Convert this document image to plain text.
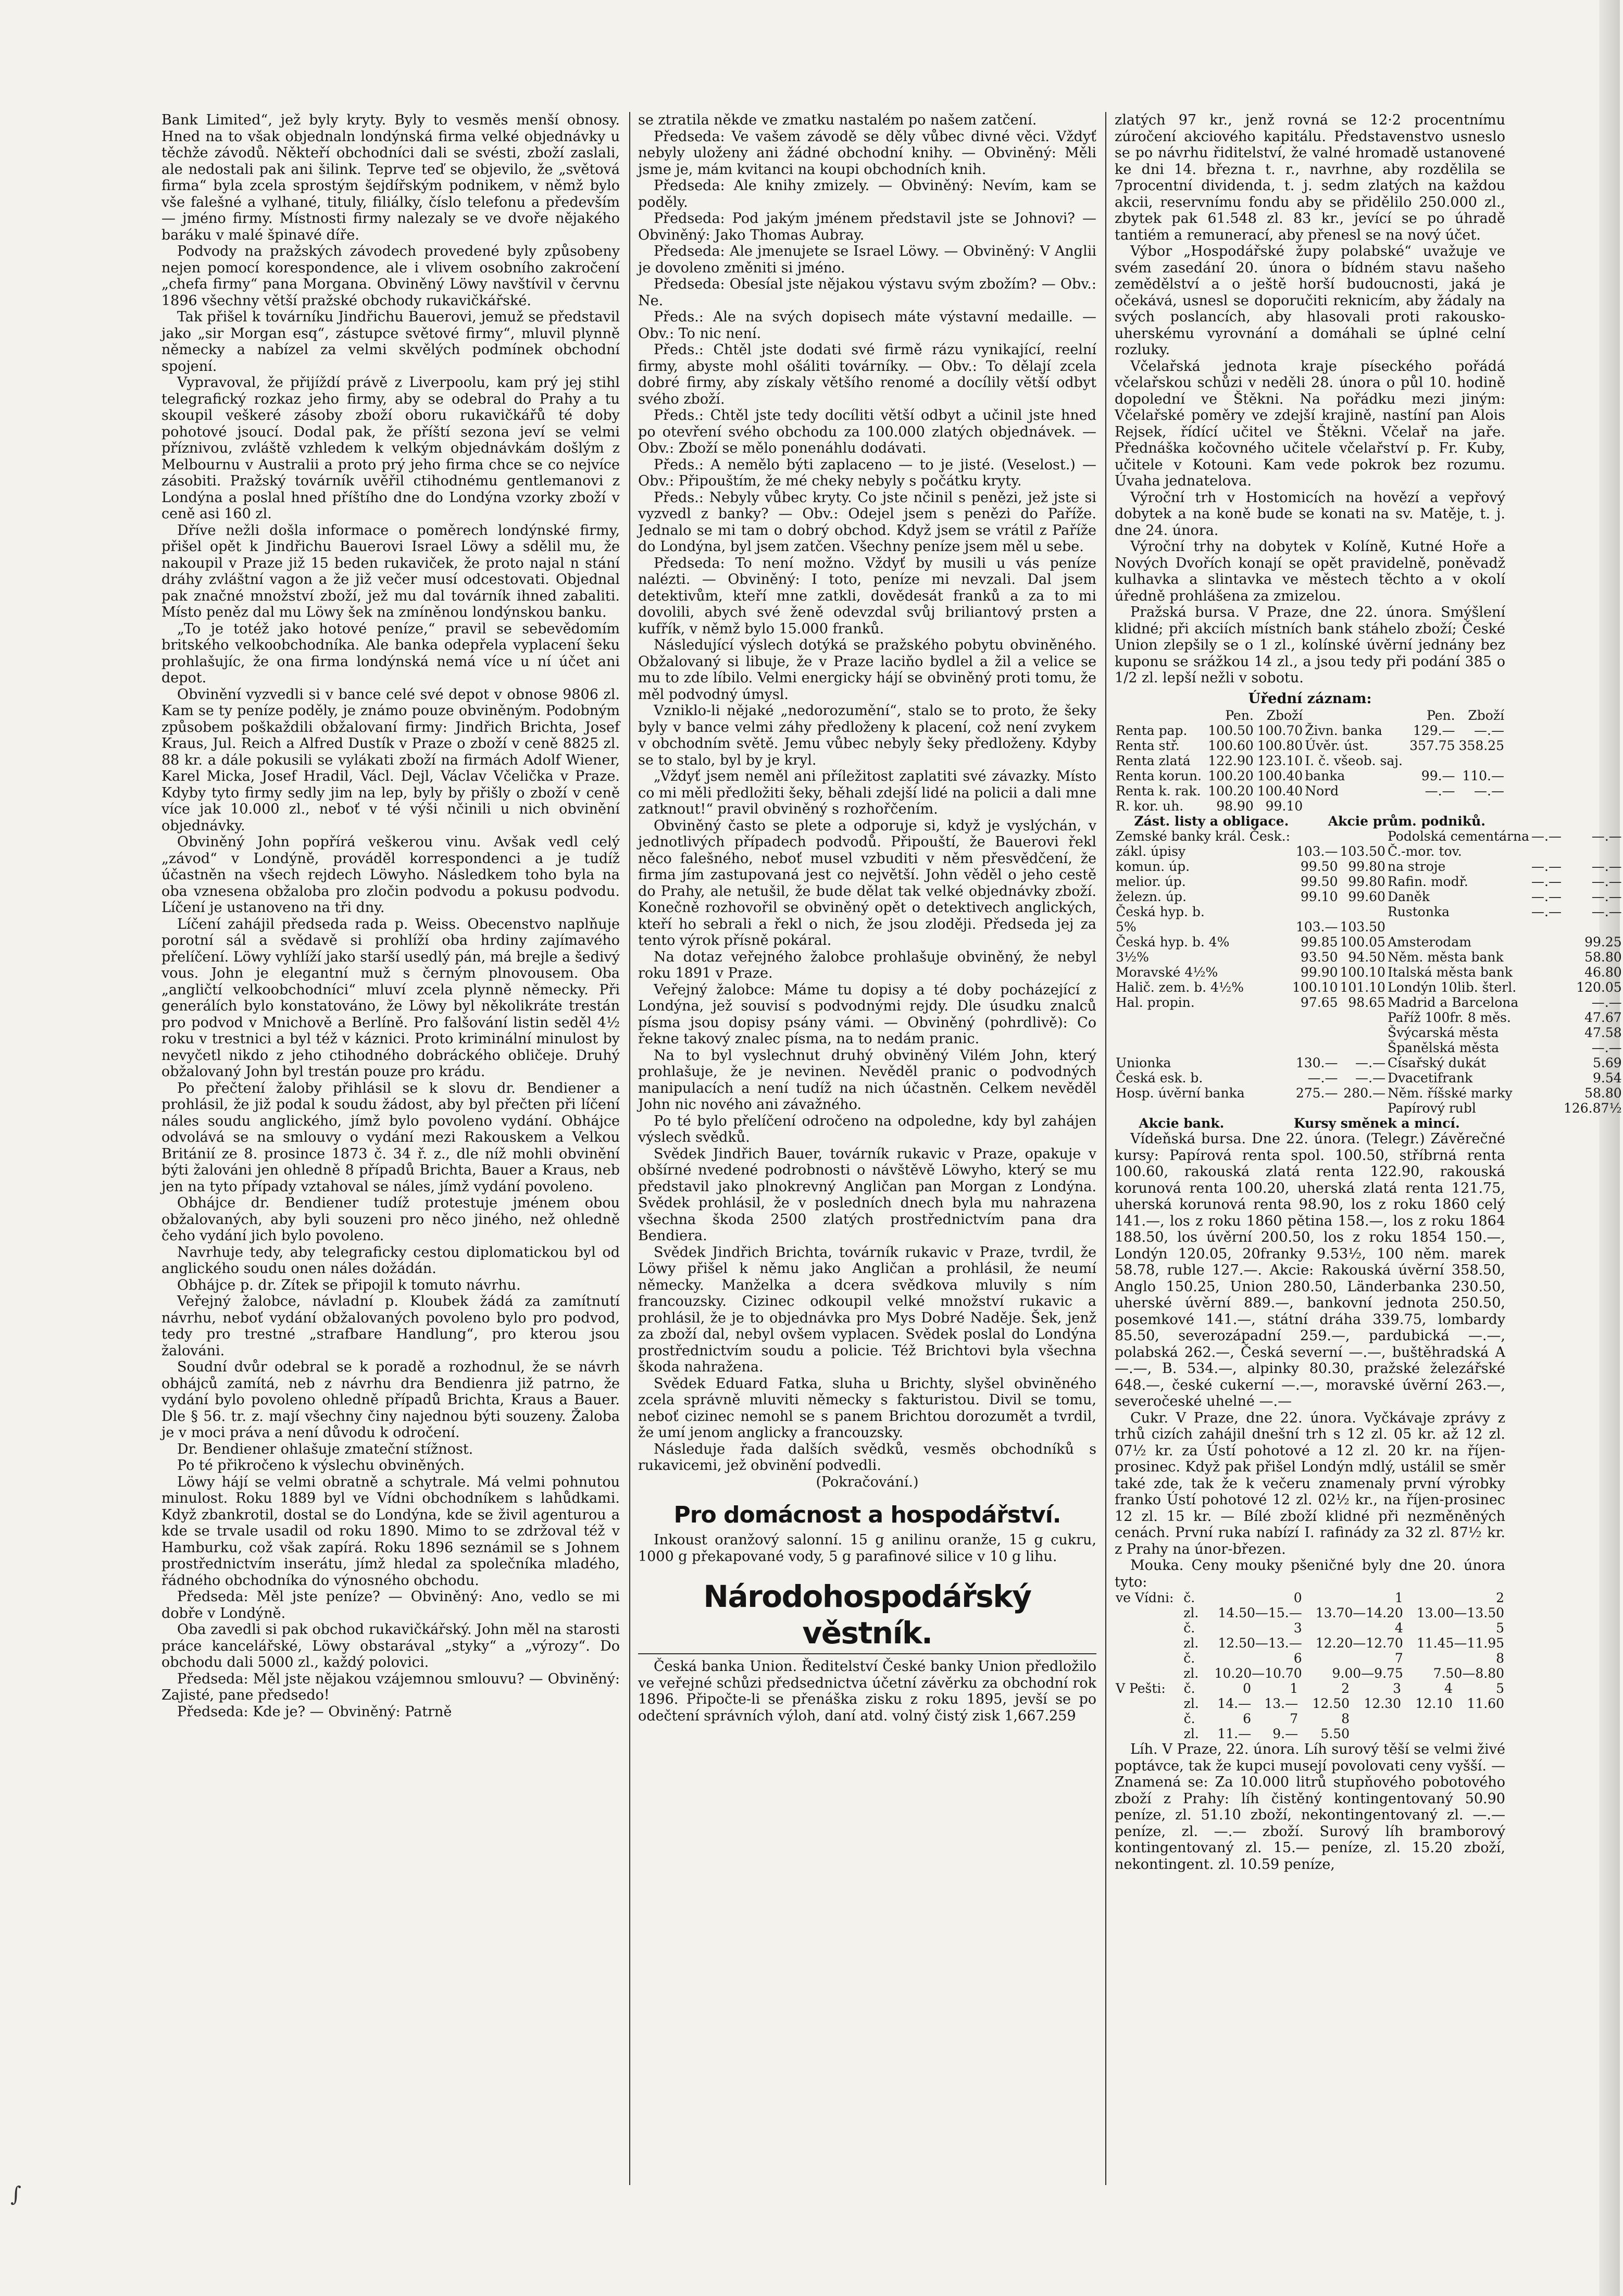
Bank Limited“, jež byly kryty. Byly to vesměs menší obnosy. Hned na to však objednaln londýnská firma velké objednávky u těchže závodů. Někteří obchodníci dali se svésti, zboží zaslali, ale nedostali pak ani šilink. Teprve teď se objevilo, že „světová firma“ byla zcela sprostým šejdířským podnikem, v němž bylo vše falešné a vylhané, tituly, filiálky, číslo telefonu a především — jméno firmy. Místnosti firmy nalezaly se ve dvoře nějakého baráku v malé špinavé díře.

Podvody na pražských závodech provedené byly způsobeny nejen pomocí korespondence, ale i vlivem osobního zakročení „chefa firmy“ pana Morgana. Obviněný Löwy navštívil v červnu 1896 všechny větší pražské obchody rukavičkářské.

Tak přišel k továrníku Jindřichu Bauerovi, jemuž se představil jako „sir Morgan esq“, zástupce světové firmy“, mluvil plynně německy a nabízel za velmi skvělých podmínek obchodní spojení.

Vypravoval, že přijíždí právě z Liverpoolu, kam prý jej stihl telegrafický rozkaz jeho firmy, aby se odebral do Prahy a tu skoupil veškeré zásoby zboží oboru rukavičkářů té doby pohotové jsoucí. Dodal pak, že příští sezona jeví se velmi příznivou, zvláště vzhledem k velkým objednávkám došlým z Melbournu v Australii a proto prý jeho firma chce se co nejvíce zásobiti. Pražský továrník uvěřil ctihodnému gentlemanovi z Londýna a poslal hned příštího dne do Londýna vzorky zboží v ceně asi 160 zl.

Dříve nežli došla informace o poměrech londýnské firmy, přišel opět k Jindřichu Bauerovi Israel Löwy a sdělil mu, že nakoupil v Praze již 15 beden rukaviček, že proto najal n stání dráhy zvláštní vagon a že již večer musí odcestovati. Objednal pak značné množství zboží, jež mu dal továrník ihned zabaliti. Místo peněz dal mu Löwy šek na zmíněnou londýnskou banku.

„To je totéž jako hotové peníze,“ pravil se sebevědomím britského velkoobchodníka. Ale banka odepřela vyplacení šeku prohlašujíc, že ona firma londýnská nemá více u ní účet ani depot.

Obvinění vyzvedli si v bance celé své depot v obnose 9806 zl. Kam se ty peníze poděly, je známo pouze obviněným. Podobným způsobem poškaždili obžalovaní firmy: Jindřich Brichta, Josef Kraus, Jul. Reich a Alfred Dustík v Praze o zboží v ceně 8825 zl. 88 kr. a dále pokusili se vylákati zboží na firmách Adolf Wiener, Karel Micka, Josef Hradil, Václ. Dejl, Václav Včelička v Praze. Kdyby tyto firmy sedly jim na lep, byly by přišly o zboží v ceně více jak 10.000 zl., neboť v té výši nčinili u nich obvinění objednávky.

Obviněný John popřírá veškerou vinu. Avšak vedl celý „závod“ v Londýně, prováděl korrespondenci a je tudíž účastněn na všech rejdech Löwyho. Následkem toho byla na oba vznesena obžaloba pro zločin podvodu a pokusu podvodu. Líčení je ustanoveno na tři dny.

Líčení zahájil předseda rada p. Weiss. Obecenstvo naplňuje porotní sál a svědavě si prohlíží oba hrdiny zajímavého přelíčení. Löwy vyhlíží jako starší usedlý pán, má brejle a šedivý vous. John je elegantní muž s černým plnovousem. Oba „angličtí velkoobchodníci“ mluví zcela plynně německy. Při generálích bylo konstatováno, že Löwy byl několikráte trestán pro podvod v Mnichově a Berlíně. Pro falšování listin seděl 4½ roku v trestnici a byl též v káznici. Proto kriminální minulost by nevyčetl nikdo z jeho ctihodného dobráckého obličeje. Druhý obžalovaný John byl trestán pouze pro krádu.

Po přečtení žaloby přihlásil se k slovu dr. Bendiener a prohlásil, že již podal k soudu žádost, aby byl přečten při líčení náles soudu anglického, jímž bylo povoleno vydání. Obhájce odvolává se na smlouvy o vydání mezi Rakouskem a Velkou Británií ze 8. prosince 1873 č. 34 ř. z., dle níž mohli obvinění býti žalováni jen ohledně 8 případů Brichta, Bauer a Kraus, neb jen na tyto případy vztahoval se náles, jímž vydání povoleno.

Obhájce dr. Bendiener tudíž protestuje jménem obou obžalovaných, aby byli souzeni pro něco jiného, než ohledně čeho vydání jich bylo povoleno.

Navrhuje tedy, aby telegraficky cestou diplomatickou byl od anglického soudu onen náles dožádán.

Obhájce p. dr. Zítek se připojil k tomuto návrhu.

Veřejný žalobce, návladní p. Kloubek žádá za zamítnutí návrhu, neboť vydání obžalovaných povoleno bylo pro podvod, tedy pro trestné „strafbare Handlung“, pro kterou jsou žalováni.

Soudní dvůr odebral se k poradě a rozhodnul, že se návrh obhájců zamítá, neb z návrhu dra Bendienra již patrno, že vydání bylo povoleno ohledně případů Brichta, Kraus a Bauer. Dle § 56. tr. z. mají všechny činy najednou býti souzeny. Žaloba je v moci práva a není důvodu k odročení.

Dr. Bendiener ohlašuje zmateční stížnost.

Po té přikročeno k výslechu obviněných.

Löwy hájí se velmi obratně a schytrale. Má velmi pohnutou minulost. Roku 1889 byl ve Vídni obchodníkem s lahůdkami. Když zbankrotil, dostal se do Londýna, kde se živil agenturou a kde se trvale usadil od roku 1890. Mimo to se zdržoval též v Hamburku, což však zapírá. Roku 1896 seznámil se s Johnem prostřednictvím inserátu, jímž hledal za společníka mladého, řádného obchodníka do výnosného obchodu.

Předseda: Měl jste peníze? — Obviněný: Ano, vedlo se mi dobře v Londýně.

Oba zavedli si pak obchod rukavičkářský. John měl na starosti práce kancelářské, Löwy obstarával „styky“ a „výrozy“. Do obchodu dali 5000 zl., každý polovici.

Předseda: Měl jste nějakou vzájemnou smlouvu? — Obviněný: Zajisté, pane předsedo!

Předseda: Kde je? — Obviněný: Patrně

se ztratila někde ve zmatku nastalém po našem zatčení.

Předseda: Ve vašem závodě se děly vůbec divné věci. Vždyť nebyly uloženy ani žádné obchodní knihy. — Obviněný: Měli jsme je, mám kvitanci na koupi obchodních knih.

Předseda: Ale knihy zmizely. — Obviněný: Nevím, kam se poděly.

Předseda: Pod jakým jménem představil jste se Johnovi? — Obviněný: Jako Thomas Aubray.

Předseda: Ale jmenujete se Israel Löwy. — Obviněný: V Anglii je dovoleno změniti si jméno.

Předseda: Obesíal jste nějakou výstavu svým zbožím? — Obv.: Ne.

Předs.: Ale na svých dopisech máte výstavní medaille. — Obv.: To nic není.

Předs.: Chtěl jste dodati své firmě rázu vynikající, reelní firmy, abyste mohl ošáliti továrníky. — Obv.: To dělají zcela dobré firmy, aby získaly většího renomé a docílily větší odbyt svého zboží.

Předs.: Chtěl jste tedy docíliti větší odbyt a učinil jste hned po otevření svého obchodu za 100.000 zlatých objednávek. — Obv.: Zboží se mělo ponenáhlu dodávati.

Předs.: A nemělo býti zaplaceno — to je jisté. (Veselost.) — Obv.: Připouštím, že mé cheky nebyly s počátku kryty.

Předs.: Nebyly vůbec kryty. Co jste nčinil s penězi, jež jste si vyzvedl z banky? — Obv.: Odejel jsem s penězi do Paříže. Jednalo se mi tam o dobrý obchod. Když jsem se vrátil z Paříže do Londýna, byl jsem zatčen. Všechny peníze jsem měl u sebe.

Předseda: To není možno. Vždyť by musili u vás peníze nalézti. — Obviněný: I toto, peníze mi nevzali. Dal jsem detektivům, kteří mne zatkli, dovědesát franků a za to mi dovolili, abych své ženě odevzdal svůj briliantový prsten a kufřík, v němž bylo 15.000 franků.

Následující výslech dotýká se pražského pobytu obviněného. Obžalovaný si libuje, že v Praze laciňo bydlel a žil a velice se mu to zde líbilo. Velmi energicky hájí se obviněný proti tomu, že měl podvodný úmysl.

Vzniklo-li nějaké „nedorozumění“, stalo se to proto, že šeky byly v bance velmi záhy předloženy k placení, což není zvykem v obchodním světě. Jemu vůbec nebyly šeky předloženy. Kdyby se to stalo, byl by je kryl.

„Vždyť jsem neměl ani příležitost zaplatiti své závazky. Místo co mi měli předložiti šeky, běhali zdejší lidé na policii a dali mne zatknout!“ pravil obviněný s rozhořčením.

Obviněný často se plete a odporuje si, když je vyslýchán, v jednotlivých případech podvodů. Připouští, že Bauerovi řekl něco falešného, neboť musel vzbuditi v něm přesvědčení, že firma jím zastupovaná jest co největší. John věděl o jeho cestě do Prahy, ale netušil, že bude dělat tak velké objednávky zboží. Konečně rozhovořil se obviněný opět o detektivech anglických, kteří ho sebrali a řekl o nich, že jsou zloději. Předseda jej za tento výrok přísně pokáral.

Na dotaz veřejného žalobce prohlašuje obviněný, že nebyl roku 1891 v Praze.

Veřejný žalobce: Máme tu dopisy a té doby pocházející z Londýna, jež souvisí s podvodnými rejdy. Dle úsudku znalců písma jsou dopisy psány vámi. — Obviněný (pohrdlivě): Co řekne takový znalec písma, na to nedám pranic.

Na to byl vyslechnut druhý obviněný Vilém John, který prohlašuje, že je nevinen. Nevěděl pranic o podvodných manipulacích a není tudíž na nich účastněn. Celkem nevěděl John nic nového ani závažného.

Po té bylo přelíčení odročeno na odpoledne, kdy byl zahájen výslech svědků.

Svědek Jindřich Bauer, továrník rukavic v Praze, opakuje v obšírné nvedené podrobnosti o návštěvě Löwyho, který se mu představil jako plnokrevný Angličan pan Morgan z Londýna. Svědek prohlásil, že v posledních dnech byla mu nahrazena všechna škoda 2500 zlatých prostřednictvím pana dra Bendiera.

Svědek Jindřich Brichta, továrník rukavic v Praze, tvrdil, že Löwy přišel k němu jako Angličan a prohlásil, že neumí německy. Manželka a dcera svědkova mluvily s ním francouzsky. Cizinec odkoupil velké množství rukavic a prohlásil, že je to objednávka pro Mys Dobré Naděje. Šek, jenž za zboží dal, nebyl ovšem vyplacen. Svědek poslal do Londýna prostřednictvím soudu a policie. Též Brichtovi byla všechna škoda nahražena.

Svědek Eduard Fatka, sluha u Brichty, slyšel obviněného zcela správně mluviti německy s fakturistou. Divil se tomu, neboť cizinec nemohl se s panem Brichtou dorozumět a tvrdil, že umí jenom anglicky a francouzsky.

Následuje řada dalších svědků, vesměs obchodníků s rukavicemi, jež obvinění podvedli.

(Pokračování.)

Pro domácnost a hospodářství.

Inkoust oranžový salonní. 15 g anilinu oranže, 15 g cukru, 1000 g překapované vody, 5 g parafinové silice v 10 g lihu.

Národohospodářský věstník.

Česká banka Union. Ředitelství České banky Union předložilo ve veřejné schůzi předsednictva účetní závěrku za obchodní rok 1896. Připočte-li se přenáška zisku z roku 1895, jevší se po odečtení správních výloh, daní atd. volný čistý zisk 1,667.259

zlatých 97 kr., jenž rovná se 12·2 procentnímu zúročení akciového kapitálu. Představenstvo usneslo se po návrhu řiditelství, že valné hromadě ustanovené ke dni 14. března t. r., navrhne, aby rozdělila se 7procentní dividenda, t. j. sedm zlatých na každou akcii, reservnímu fondu aby se přidělilo 250.000 zl., zbytek pak 61.548 zl. 83 kr., jevící se po úhradě tantiém a remunerací, aby přenesl se na nový účet.

Výbor „Hospodářské župy polabské“ uvažuje ve svém zasedání 20. února o bídném stavu našeho zemědělství a o ještě horší budoucnosti, jaká je očekává, usnesl se doporučiti reknicím, aby žádaly na svých poslancích, aby hlasovali proti rakousko-uherskému vyrovnání a domáhali se úplné celní rozluky.

Včelařská jednota kraje píseckého pořádá včelařskou schůzi v neděli 28. února o půl 10. hodině dopolední ve Štěkni. Na pořádku mezi jiným: Včelařské poměry ve zdejší krajině, nastíní pan Alois Rejsek, řídící učitel ve Štěkni. Včelař na jaře. Přednáška kočovného učitele včelařství p. Fr. Kuby, učitele v Kotouni. Kam vede pokrok bez rozumu. Úvaha jednatelova.

Výroční trh v Hostomicích na hovězí a vepřový dobytek a na koně bude se konati na sv. Matěje, t. j. dne 24. února.

Výroční trhy na dobytek v Kolíně, Kutné Hoře a Nových Dvořích konají se opět pravidelně, poněvadž kulhavka a slintavka ve městech těchto a v okolí úředně prohlášena za zmizelou.

Pražská bursa. V Praze, dne 22. února. Smýšlení klidné; při akciích místních bank stáhelo zboží; České Union zlepšily se o 1 zl., kolínské úvěrní jednány bez kuponu se srážkou 14 zl., a jsou tedy při podání 385 o 1/2 zl. lepší nežli v sobotu.

Úřední záznam:
	Pen.	Zboží		Pen.	Zboží
Renta pap.	100.50	100.70	Živn. banka	129.—	—.—
Renta stř.	100.60	100.80	Úvěr. úst.	357.75	358.25
Renta zlatá	122.90	123.10	I. č. všeob. saj.		
Renta korun.	100.20	100.40	banka	99.—	110.—
Renta k. rak.	100.20	100.40	Nord	—.—	—.—
R. kor. uh.	98.90	99.10			
Zást. listy a obligace.	Akcie prům. podniků.
Zemské banky král. Česk.:			Podolská cementárna	—.—	—.—
zákl. úpisy	103.—	103.50	Č.-mor. tov.		
komun. úp.	99.50	99.80	na stroje	—.—	—.—
melior. úp.	99.50	99.80	Rafin. modř.	—.—	—.—
železn. úp.	99.10	99.60	Daněk	—.—	—.—
Česká hyp. b.			Rustonka	—.—	—.—
5%	103.—	103.50			
Česká hyp. b. 4%	99.85	100.05	Amsterodam		99.25
3½%	93.50	94.50	Něm. města bank		58.80
Moravské 4½%	99.90	100.10	Italská města bank		46.80
Halič. zem. b. 4½%	100.10	101.10	Londýn 10lib. šterl.		120.05
Hal. propin.	97.65	98.65	Madrid a Barcelona		—.—
			Paříž 100fr. 8 měs.		47.67
			Švýcarská města		47.58
			Španělská města		—.—
Unionka	130.—	—.—	Císařský dukát		5.69
Česká esk. b.	—.—	—.—	Dvacetifrank		9.54
Hosp. úvěrní banka	275.—	280.—	Něm. říšské marky		58.80
			Papírový rubl		126.87½
Akcie bank.	Kursy směnek a mincí.

Vídeňská bursa. Dne 22. února. (Telegr.) Závěrečné kursy: Papírová renta spol. 100.50, stříbrná renta 100.60, rakouská zlatá renta 122.90, rakouská korunová renta 100.20, uherská zlatá renta 121.75, uherská korunová renta 98.90, los z roku 1860 celý 141.—, los z roku 1860 pětina 158.—, los z roku 1864 188.50, los úvěrní 200.50, los z roku 1854 150.—, Londýn 120.05, 20franky 9.53½, 100 něm. marek 58.78, ruble 127.—. Akcie: Rakouská úvěrní 358.50, Anglo 150.25, Union 280.50, Länderbanka 230.50, uherské úvěrní 889.—, bankovní jednota 250.50, posemkové 141.—, státní dráha 339.75, lombardy 85.50, severozápadní 259.—, pardubická —.—, polabská 262.—, Česká severní —.—, buštěhradská A —.—, B. 534.—, alpinky 80.30, pražské železářské 648.—, české cukerní —.—, moravské úvěrní 263.—, severočeské uhelné —.—

Cukr. V Praze, dne 22. února. Vyčkávaje zprávy z trhů cizích zahájil dnešní trh s 12 zl. 05 kr. až 12 zl. 07½ kr. za Ústí pohotové a 12 zl. 20 kr. na říjen-prosinec. Když pak přišel Londýn mdlý, ustálil se směr také zde, tak že k večeru znamenaly první výrobky franko Ústí pohotové 12 zl. 02½ kr., na říjen-prosinec 12 zl. 15 kr. — Bílé zboží klidné při nezměněných cenách. První ruka nabízí I. rafinády za 32 zl. 87½ kr. z Prahy na únor-březen.

Mouka. Ceny mouky pšeničné byly dne 20. února tyto:

ve Vídni:	č.	0	1	2
	zl.	14.50—15.—	13.70—14.20	13.00—13.50
	č.	3	4	5
	zl.	12.50—13.—	12.20—12.70	11.45—11.95
	č.	6	7	8
	zl.	10.20—10.70	9.00—9.75	7.50—8.80
V Pešti:	č.	0	1	2	3	4	5
	zl.	14.—	13.—	12.50	12.30	12.10	11.60
	č.	6	7	8			
	zl.	11.—	9.—	5.50			

Líh. V Praze, 22. února. Líh surový těší se velmi živé poptávce, tak že kupci musejí povolovati ceny vyšší. — Znamená se: Za 10.000 litrů stupňového pobotového zboží z Prahy: líh čistěný kontingentovaný 50.90 peníze, zl. 51.10 zboží, nekontingentovaný zl. —.— peníze, zl. —.— zboží. Surový líh bramborový kontingentovaný zl. 15.— peníze, zl. 15.20 zboží, nekontingent. zl. 10.59 peníze,

∫
